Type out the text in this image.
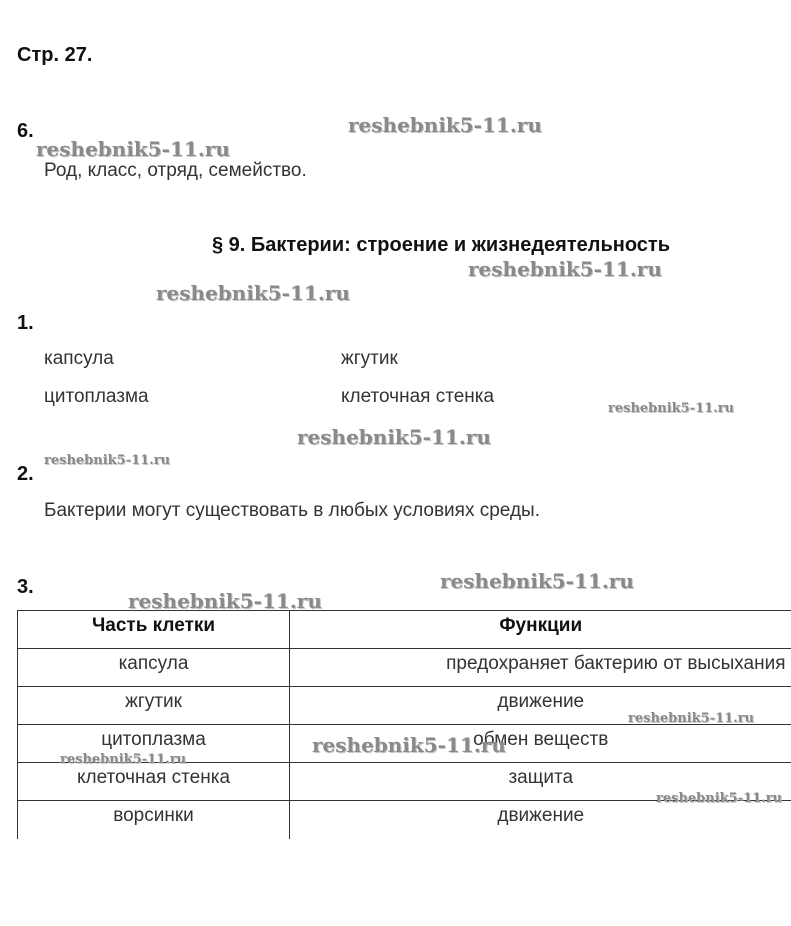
Стр. 27.
6.
Род, класс, отряд, семейство.
§ 9. Бактерии: строение и жизнедеятельность
1.
капсула	жгутик
цитоплазма	клеточная стенка
2.
Бактерии могут существовать в любых условиях среды.
3.
Часть клетки	Функции
капсула	предохраняет бактерию от высыхания
жгутик	движение
цитоплазма	обмен веществ
клеточная стенка	защита
ворсинки	движение
reshebnik5-11.ru
reshebnik5-11.ru
reshebnik5-11.ru
reshebnik5-11.ru
reshebnik5-11.ru
reshebnik5-11.ru
reshebnik5-11.ru
reshebnik5-11.ru
reshebnik5-11.ru
reshebnik5-11.ru
reshebnik5-11.ru
reshebnik5-11.ru
reshebnik5-11.ru
